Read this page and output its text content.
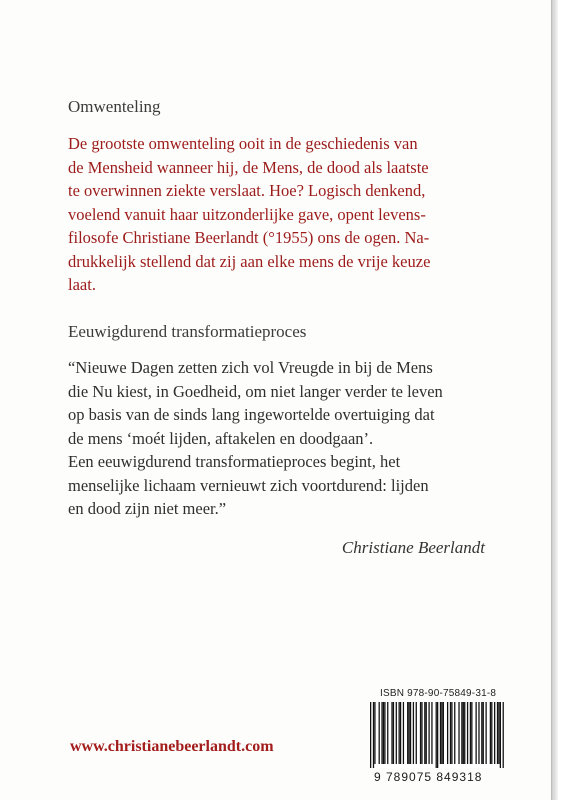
Omwenteling

De grootste omwenteling ooit in de geschiedenis van
de Mensheid wanneer hij, de Mens, de dood als laatste
te overwinnen ziekte verslaat. Hoe? Logisch denkend,
voelend vanuit haar uitzonderlijke gave, opent levens-
filosofe Christiane Beerlandt (°1955) ons de ogen. Na-
drukkelijk stellend dat zij aan elke mens de vrije keuze
laat.

Eeuwigdurend transformatieproces

“Nieuwe Dagen zetten zich vol Vreugde in bij de Mens
die Nu kiest, in Goedheid, om niet langer verder te leven
op basis van de sinds lang ingewortelde overtuiging dat
de mens ‘moét lijden, aftakelen en doodgaan’.
Een eeuwigdurend transformatieproces begint, het
menselijke lichaam vernieuwt zich voortdurend: lijden
en dood zijn niet meer.”

Christiane Beerlandt

ISBN 978-90-75849-31-8
9 789075 849318

www.christianebeerlandt.com
